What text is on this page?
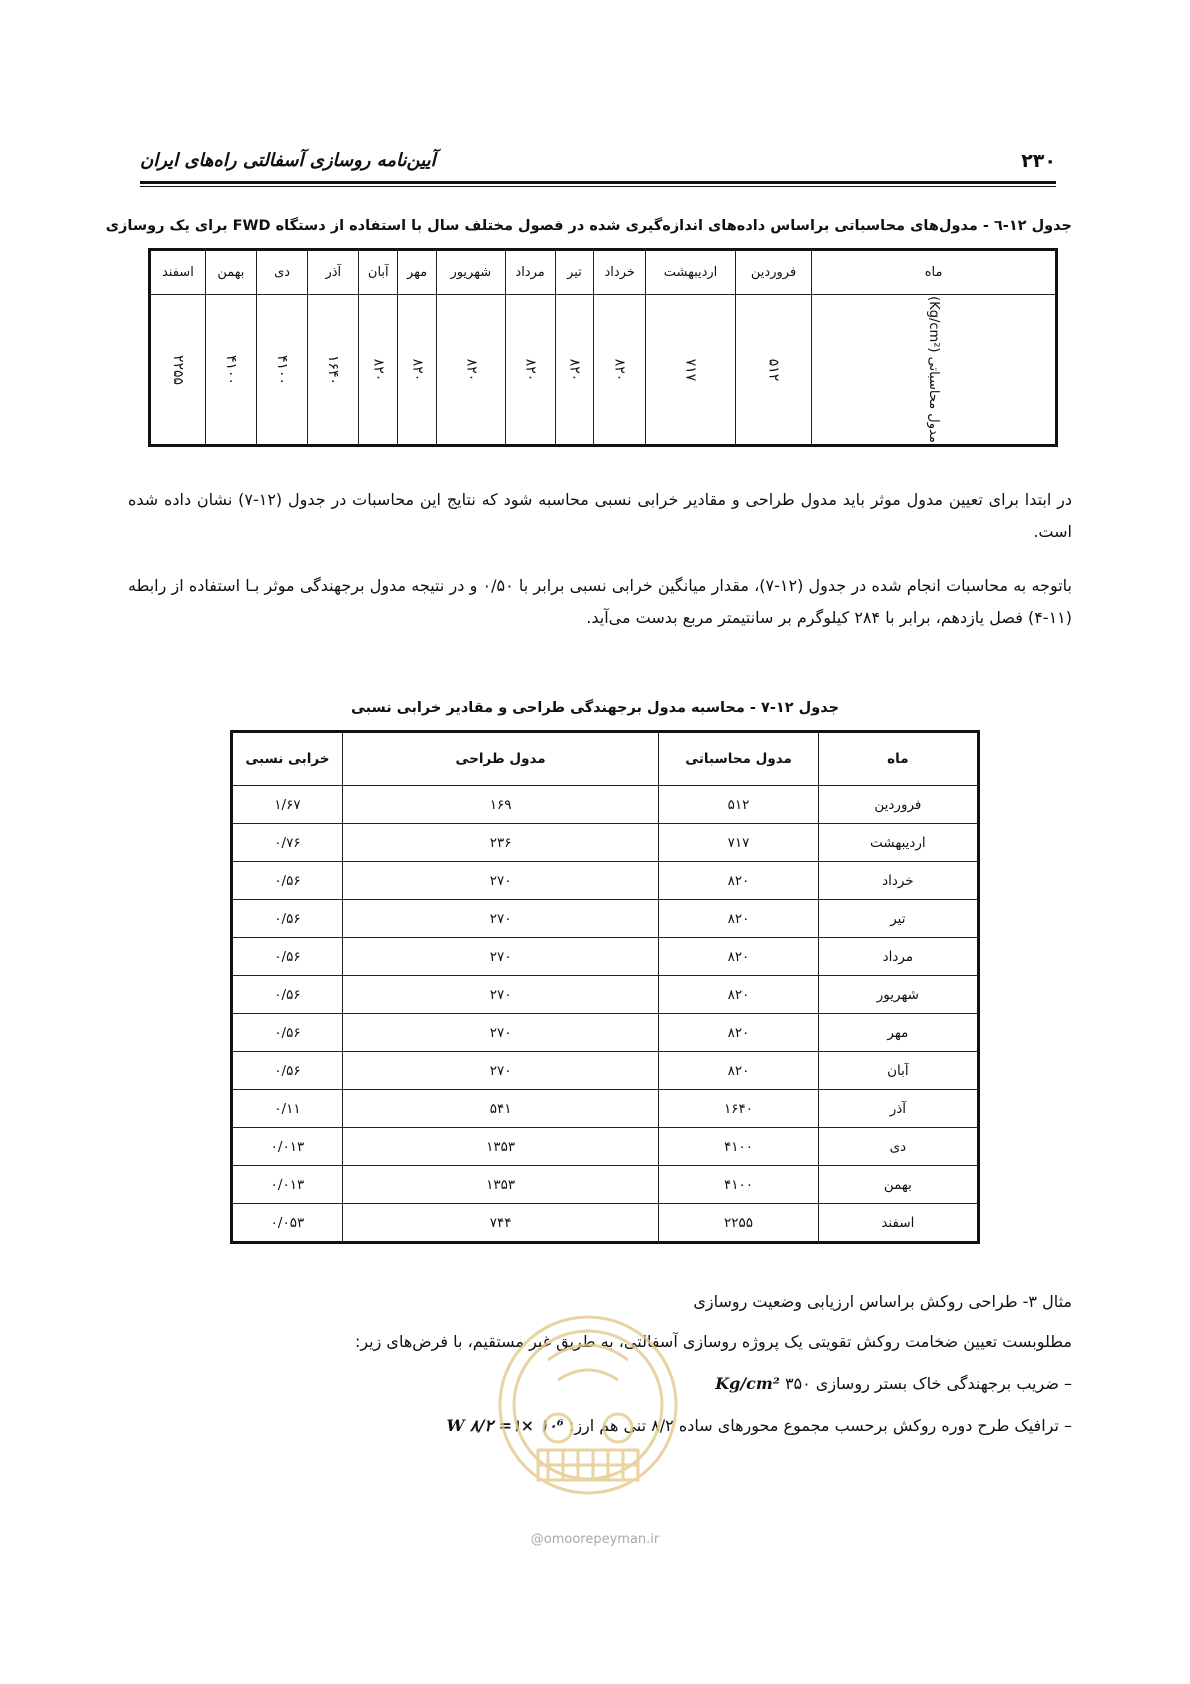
۲۳۰
آیین‌نامه روسازی آسفالتی راه‌های ایران
جدول ۱۲-٦ - مدول‌های محاسباتی براساس داده‌های اندازه‌گیری شده در فصول مختلف سال با استفاده از دستگاه FWD برای یک روسازی
ماه	فروردین	اردیبهشت	خرداد	تیر	مرداد	شهریور	مهر	آبان	آذر	دی	بهمن	اسفند
مدول محاسباتی (Kg/cm²)	۵۱۲	۷۱۷	۸۲۰	۸۲۰	۸۲۰	۸۲۰	۸۲۰	۸۲۰	۱۶۴۰	۴۱۰۰	۴۱۰۰	۲۲۵۵
در ابتدا برای تعیین مدول موثر باید مدول طراحی و مقادیر خرابی نسبی محاسبه شود که نتایج این محاسبات در جدول (۱۲-۷) نشان داده شده است.
باتوجه به محاسبات انجام شده در جدول (۱۲-۷)، مقدار میانگین خرابی نسبی برابر با ۰/۵۰ و در نتیجه مدول برجهندگی موثر بـا استفاده از رابطه (۱۱-۴) فصل یازدهم، برابر با ۲۸۴ کیلوگرم بر سانتیمتر مربع بدست می‌آید.
جدول ۱۲-۷ - محاسبه مدول برجهندگی طراحی و مقادیر خرابی نسبی
ماه	مدول محاسباتی	مدول طراحی	خرابی نسبی
فروردین	۵۱۲	۱۶۹	۱/۶۷
اردیبهشت	۷۱۷	۲۳۶	۰/۷۶
خرداد	۸۲۰	۲۷۰	۰/۵۶
تیر	۸۲۰	۲۷۰	۰/۵۶
مرداد	۸۲۰	۲۷۰	۰/۵۶
شهریور	۸۲۰	۲۷۰	۰/۵۶
مهر	۸۲۰	۲۷۰	۰/۵۶
آبان	۸۲۰	۲۷۰	۰/۵۶
آذر	۱۶۴۰	۵۴۱	۰/۱۱
دی	۴۱۰۰	۱۳۵۳	۰/۰۱۳
بهمن	۴۱۰۰	۱۳۵۳	۰/۰۱۳
اسفند	۲۲۵۵	۷۴۴	۰/۰۵۳
مثال ۳- طراحی روکش براساس ارزیابی وضعیت روسازی
مطلوبست تعیین ضخامت روکش تقویتی یک پروژه روسازی آسفالتی، به طریق غیر مستقیم، با فرض‌های زیر:
– ضریب برجهندگی خاک بستر روسازی ۳۵۰ Kg/cm²
– ترافیک طرح دوره روکش برحسب مجموع محورهای ساده ۸/۲ تنی هم ارز: W ۸/۲ =۱× ۱۰⁶
@omoorepeyman.ir
